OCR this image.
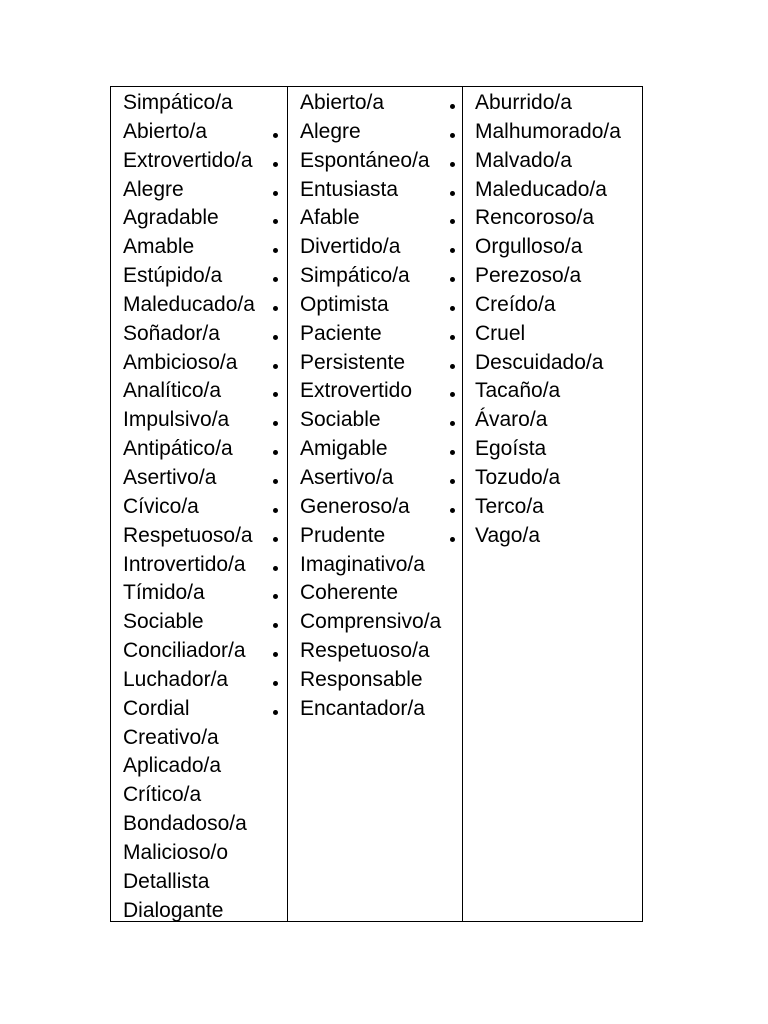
Simpático/a
Abierto/a
Extrovertido/a
Alegre
Agradable
Amable
Estúpido/a
Maleducado/a
Soñador/a
Ambicioso/a
Analítico/a
Impulsivo/a
Antipático/a
Asertivo/a
Cívico/a
Respetuoso/a
Introvertido/a
Tímido/a
Sociable
Conciliador/a
Luchador/a
Cordial
Creativo/a
Aplicado/a
Crítico/a
Bondadoso/a
Malicioso/o
Detallista
Dialogante
Abierto/a
Alegre
Espontáneo/a
Entusiasta
Afable
Divertido/a
Simpático/a
Optimista
Paciente
Persistente
Extrovertido
Sociable
Amigable
Asertivo/a
Generoso/a
Prudente
Imaginativo/a
Coherente
Comprensivo/a
Respetuoso/a
Responsable
Encantador/a
Aburrido/a
Malhumorado/a
Malvado/a
Maleducado/a
Rencoroso/a
Orgulloso/a
Perezoso/a
Creído/a
Cruel
Descuidado/a
Tacaño/a
Ávaro/a
Egoísta
Tozudo/a
Terco/a
Vago/a
